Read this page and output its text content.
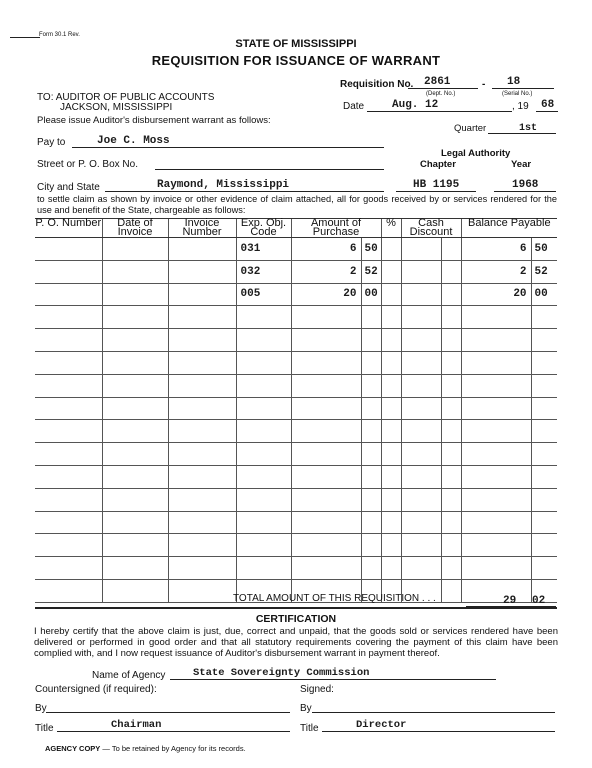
Form 30.1 Rev.
STATE OF MISSISSIPPI
REQUISITION FOR ISSUANCE OF WARRANT
Requisition No. 2861	- 18
(Dept. No.)	(Serial No.)
TO: AUDITOR OF PUBLIC ACCOUNTS
JACKSON, MISSISSIPPI
Please issue Auditor's disbursement warrant as follows:
Date	Aug. 12	, 19 68
Quarter	1st
Pay to	Joe C. Moss
Legal Authority
Chapter	Year
Street or P. O. Box No.
City and State	Raymond, Mississippi	HB 1195	1968
to settle claim as shown by invoice or other evidence of claim attached, all for goods received by or services rendered for the use and benefit of the State, chargeable as follows:
P. O. Number	Date of Invoice	Invoice Number	Exp. Obj. Code	Amount of Purchase		%	Cash Discount		Balance Payable	
			031	6	50				6	50
			032	2	52				2	52
			005	20	00				20	00

TOTAL AMOUNT OF THIS REQUISITION . . .	29 02
CERTIFICATION
I hereby certify that the above claim is just, due, correct and unpaid, that the goods sold or services rendered have been delivered or performed in good order and that all statutory requirements covering the payment of this claim have been complied with, and I now request issuance of Auditor's disbursement warrant in payment thereof.
Name of Agency	State Sovereignty Commission
Countersigned (if required):	Signed:
By	By
Title	Chairman	Title	Director
AGENCY COPY — To be retained by Agency for its records.
